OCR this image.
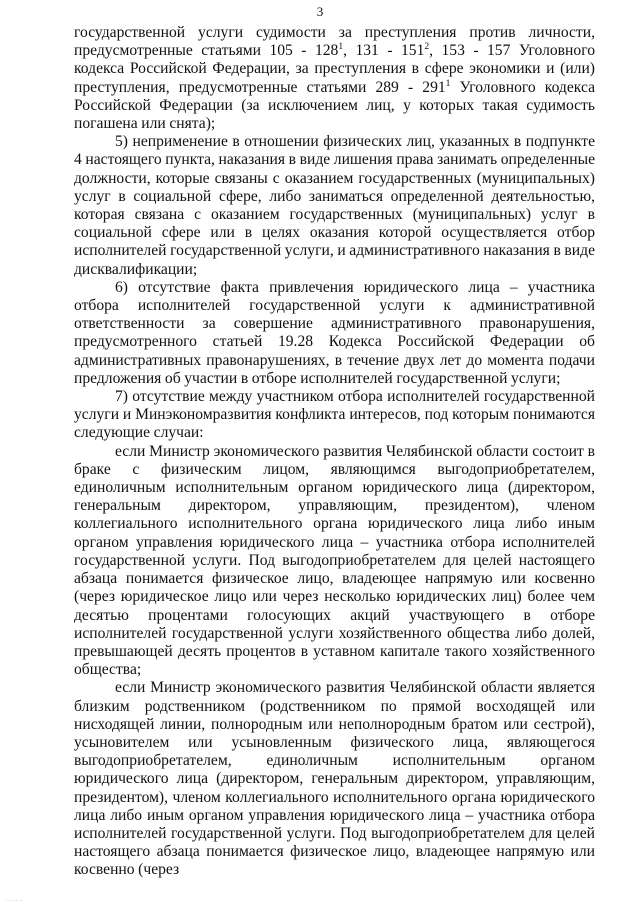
3

государственной услуги судимости за преступления против личности, предусмотренные статьями $105 - 128^1$, $131 - 151^2$, 153 - 157 Уголовного кодекса Российской Федерации, за преступления в сфере экономики и (или) преступления, предусмотренные статьями $289 - 291^1$ Уголовного кодекса Российской Федерации (за исключением лиц, у которых такая судимость погашена или снята);

5) неприменение в отношении физических лиц, указанных в подпункте 4 настоящего пункта, наказания в виде лишения права занимать определенные должности, которые связаны с оказанием государственных (муниципальных) услуг в социальной сфере, либо заниматься определенной деятельностью, которая связана с оказанием государственных (муниципальных) услуг в социальной сфере или в целях оказания которой осуществляется отбор исполнителей государственной услуги, и административного наказания в виде дисквалификации;

6) отсутствие факта привлечения юридического лица – участника отбора исполнителей государственной услуги к административной ответственности за совершение административного правонарушения, предусмотренного статьей 19.28 Кодекса Российской Федерации об административных правонарушениях, в течение двух лет до момента подачи предложения об участии в отборе исполнителей государственной услуги;

7) отсутствие между участником отбора исполнителей государственной услуги и Минэкономразвития конфликта интересов, под которым понимаются следующие случаи:

если Министр экономического развития Челябинской области состоит в браке с физическим лицом, являющимся выгодоприобретателем, единоличным исполнительным органом юридического лица (директором, генеральным директором, управляющим, президентом), членом коллегиального исполнительного органа юридического лица либо иным органом управления юридического лица – участника отбора исполнителей государственной услуги. Под выгодоприобретателем для целей настоящего абзаца понимается физическое лицо, владеющее напрямую или косвенно (через юридическое лицо или через несколько юридических лиц) более чем десятью процентами голосующих акций участвующего в отборе исполнителей государственной услуги хозяйственного общества либо долей, превышающей десять процентов в уставном капитале такого хозяйственного общества;

если Министр экономического развития Челябинской области является близким родственником (родственником по прямой восходящей или нисходящей линии, полнородным или неполнородным братом или сестрой), усыновителем или усыновленным физического лица, являющегося выгодоприобретателем, единоличным исполнительным органом юридического лица (директором, генеральным директором, управляющим, президентом), членом коллегиального исполнительного органа юридического лица либо иным органом управления юридического лица – участника отбора исполнителей государственной услуги. Под выгодоприобретателем для целей настоящего абзаца понимается физическое лицо, владеющее напрямую или косвенно (через

.......
